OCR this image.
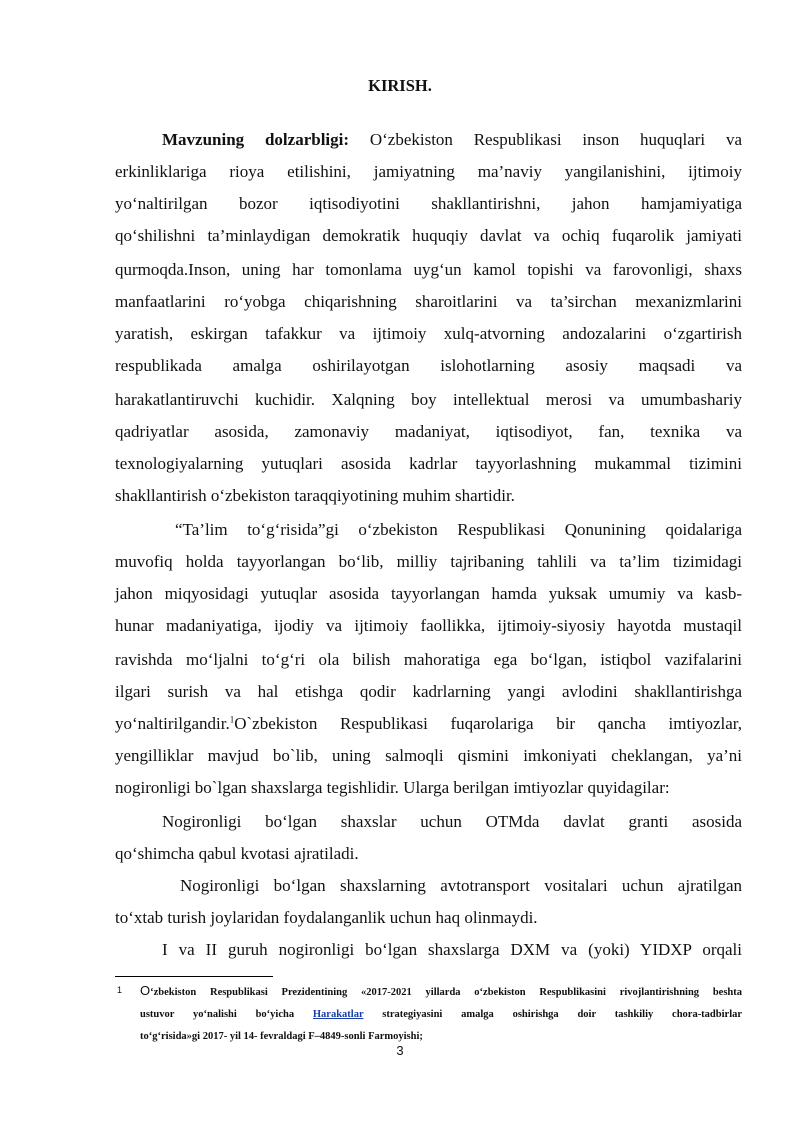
KIRISH.
Mavzuning dolzarbligi: O‘zbekiston Respublikasi inson huquqlari va
erkinliklariga rioya etilishini, jamiyatning ma’naviy yangilanishini, ijtimoiy
yo‘naltirilgan bozor iqtisodiyotini shakllantirishni, jahon hamjamiyatiga
qo‘shilishni ta’minlaydigan demokratik huquqiy davlat va ochiq fuqarolik jamiyati
qurmoqda.Inson, uning har tomonlama uyg‘un kamol topishi va farovonligi, shaxs
manfaatlarini ro‘yobga chiqarishning sharoitlarini va ta’sirchan mexanizmlarini
yaratish, eskirgan tafakkur va ijtimoiy xulq-atvorning andozalarini o‘zgartirish
respublikada amalga oshirilayotgan islohotlarning asosiy maqsadi va
harakatlantiruvchi kuchidir. Xalqning boy intellektual merosi va umumbashariy
qadriyatlar asosida, zamonaviy madaniyat, iqtisodiyot, fan, texnika va
texnologiyalarning yutuqlari asosida kadrlar tayyorlashning mukammal tizimini
shakllantirish o‘zbekiston taraqqiyotining muhim shartidir.
“Ta’lim to‘g‘risida”gi o‘zbekiston Respublikasi Qonunining qoidalariga
muvofiq holda tayyorlangan bo‘lib, milliy tajribaning tahlili va ta’lim tizimidagi
jahon miqyosidagi yutuqlar asosida tayyorlangan hamda yuksak umumiy va kasb-
hunar madaniyatiga, ijodiy va ijtimoiy faollikka, ijtimoiy-siyosiy hayotda mustaqil
ravishda mo‘ljalni to‘g‘ri ola bilish mahoratiga ega bo‘lgan, istiqbol vazifalarini
ilgari surish va hal etishga qodir kadrlarning yangi avlodini shakllantirishga
yo‘naltirilgandir.$^1$O`zbekiston Respublikasi fuqarolariga bir qancha imtiyozlar,
yengilliklar mavjud bo`lib, uning salmoqli qismini imkoniyati cheklangan, ya’ni
nogironligi bo`lgan shaxslarga tegishlidir. Ularga berilgan imtiyozlar quyidagilar:
Nogironligi bo‘lgan shaxslar uchun OTMda davlat granti asosida
qo‘shimcha qabul kvotasi ajratiladi.
Nogironligi bo‘lgan shaxslarning avtotransport vositalari uchun ajratilgan
to‘xtab turish joylaridan foydalanganlik uchun haq olinmaydi.
I va II guruh nogironligi bo‘lgan shaxslarga DXM va (yoki) YIDXP orqali
1 O‘zbekiston Respublikasi Prezidentining «2017-2021 yillarda o‘zbekiston Respublikasini rivojlantirishning beshta
ustuvor yo‘nalishi bo‘yicha Harakatlar strategiyasini amalga oshirishga doir tashkiliy chora-tadbirlar
to‘g‘risida»gi 2017- yil 14- fevraldagi F–4849-sonli Farmoyishi;
3
